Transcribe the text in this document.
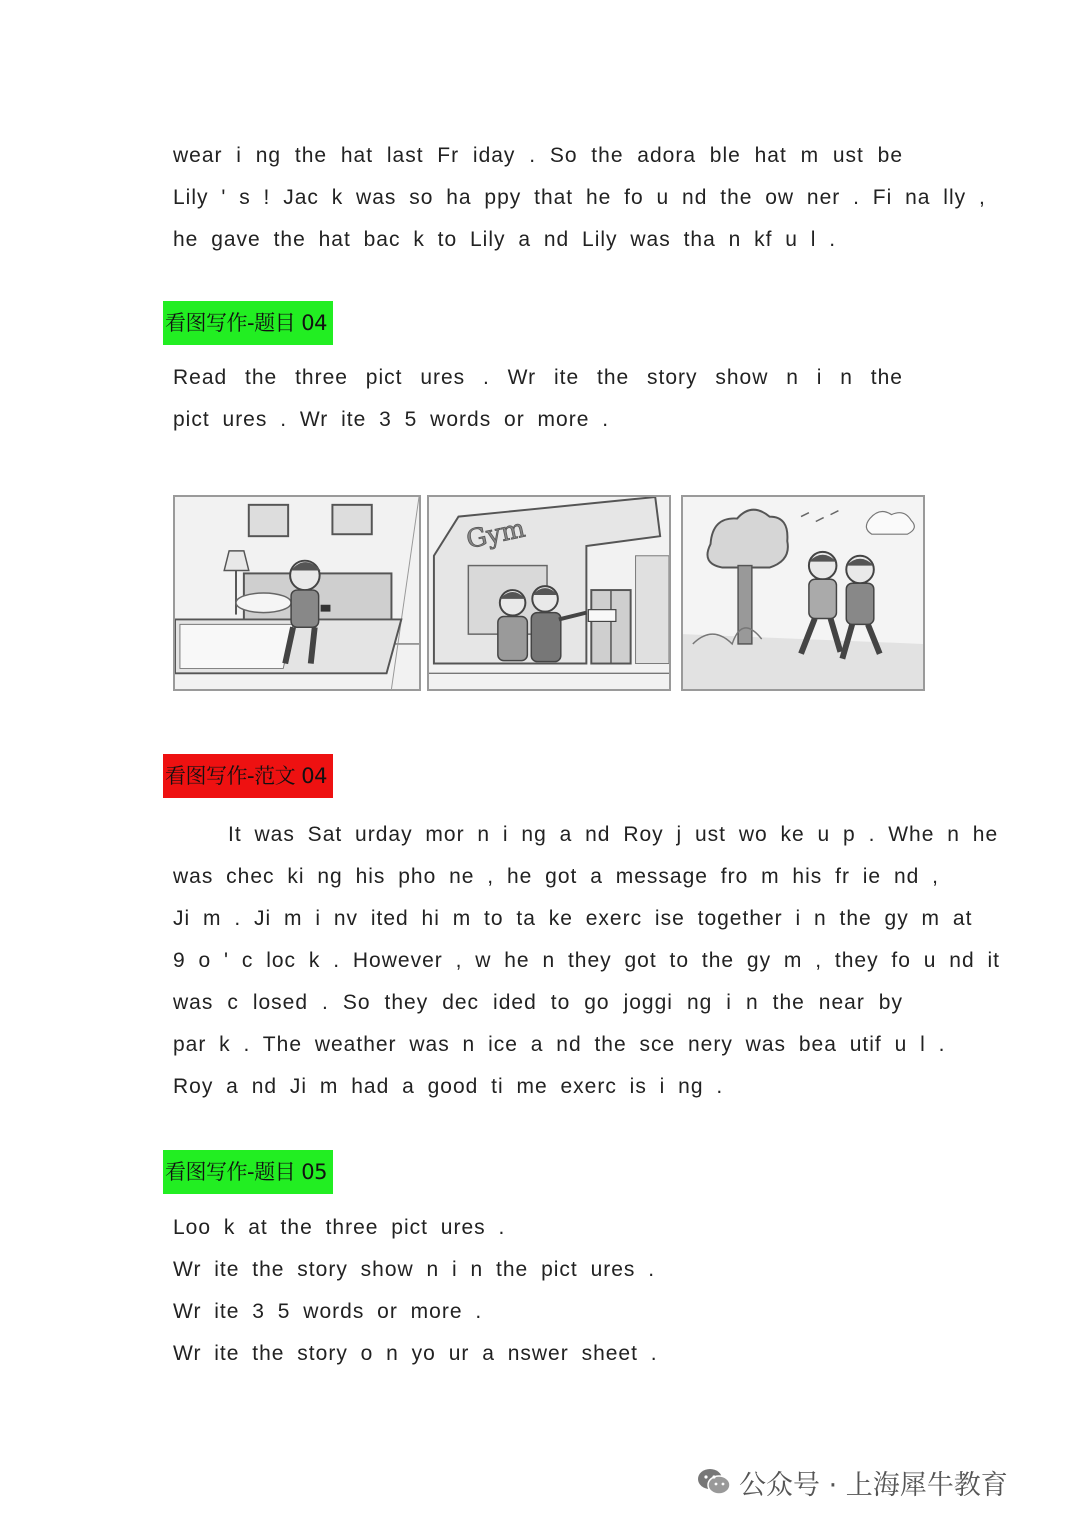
wear i ng the hat last Fr iday . So the adora ble hat m ust be
Lily ' s ! Jac k was so ha ppy that he fo u nd the ow ner . Fi na lly ,
he gave the hat bac k to Lily a nd Lily was tha n kf u l .
看图写作-题目 04
Read the three pict ures . Wr ite the story show n i n the
pict ures . Wr ite 3 5 words or more .
Gym
看图写作-范文 04
It was Sat urday mor n i ng a nd Roy j ust wo ke u p . Whe n he
was chec ki ng his pho ne , he got a message fro m his fr ie nd ,
Ji m . Ji m i nv ited hi m to ta ke exerc ise together i n the gy m at
9 o ' c loc k . However , w he n they got to the gy m , they fo u nd it
was c losed . So they dec ided to go joggi ng i n the near by
par k . The weather was n ice a nd the sce nery was bea utif u l .
Roy a nd Ji m had a good ti me exerc is i ng .
看图写作-题目 05
Loo k at the three pict ures .
Wr ite the story show n i n the pict ures .
Wr ite 3 5 words or more .
Wr ite the story o n yo ur a nswer sheet .
公众号 · 上海犀牛教育
